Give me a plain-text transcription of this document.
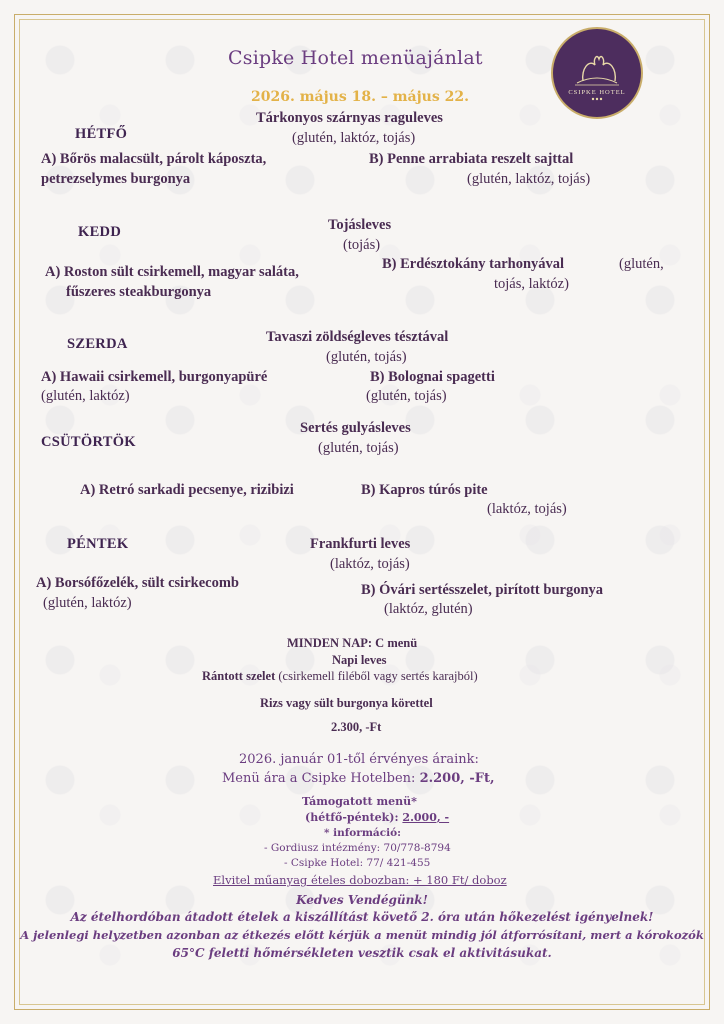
CSIPKE HOTEL
Csipke Hotel menüajánlat
2026. május 18. – május 22.
HÉTFŐ
Tárkonyos szárnyas raguleves
(glutén, laktóz, tojás)
A) Bőrös malacsült, párolt káposzta,
petrezselymes burgonya
B) Penne arrabiata reszelt sajttal
(glutén, laktóz, tojás)
KEDD	Tojásleves
(tojás)
A) Roston sült csirkemell, magyar saláta,
fűszeres steakburgonya
B) Erdésztokány tarhonyával	(glutén,
tojás, laktóz)
SZERDA	Tavaszi zöldségleves tésztával
(glutén, tojás)
A) Hawaii csirkemell, burgonyapüré
(glutén, laktóz)
B) Bolognai spagetti
(glutén, tojás)
CSÜTÖRTÖK
Sertés gulyásleves
(glutén, tojás)
A) Retró sarkadi pecsenye, rizibizi	B) Kapros túrós pite
(laktóz, tojás)
PÉNTEK	Frankfurti leves
(laktóz, tojás)
A) Borsófőzelék, sült csirkecomb
(glutén, laktóz)
B) Óvári sertésszelet, pirított burgonya
(laktóz, glutén)
MINDEN NAP: C menü
Napi leves
Rántott szelet (csirkemell filéből vagy sertés karajból)
Rizs vagy sült burgonya körettel
2.300, -Ft
2026. január 01-től érvényes áraink:
Menü ára a Csipke Hotelben: 2.200, -Ft,
Támogatott menü*
(hétfő-péntek): 2.000, -
* információ:
- Gordiusz intézmény: 70/778-8794
- Csipke Hotel: 77/ 421-455
Elvitel műanyag ételes dobozban: + 180 Ft/ doboz
Kedves Vendégünk!
Az ételhordóban átadott ételek a kiszállítást követő 2. óra után hőkezelést igényelnek!
A jelenlegi helyzetben azonban az étkezés előtt kérjük a menüt mindig jól átforrósítani, mert a kórokozók
65°C feletti hőmérsékleten vesztik csak el aktivitásukat.
